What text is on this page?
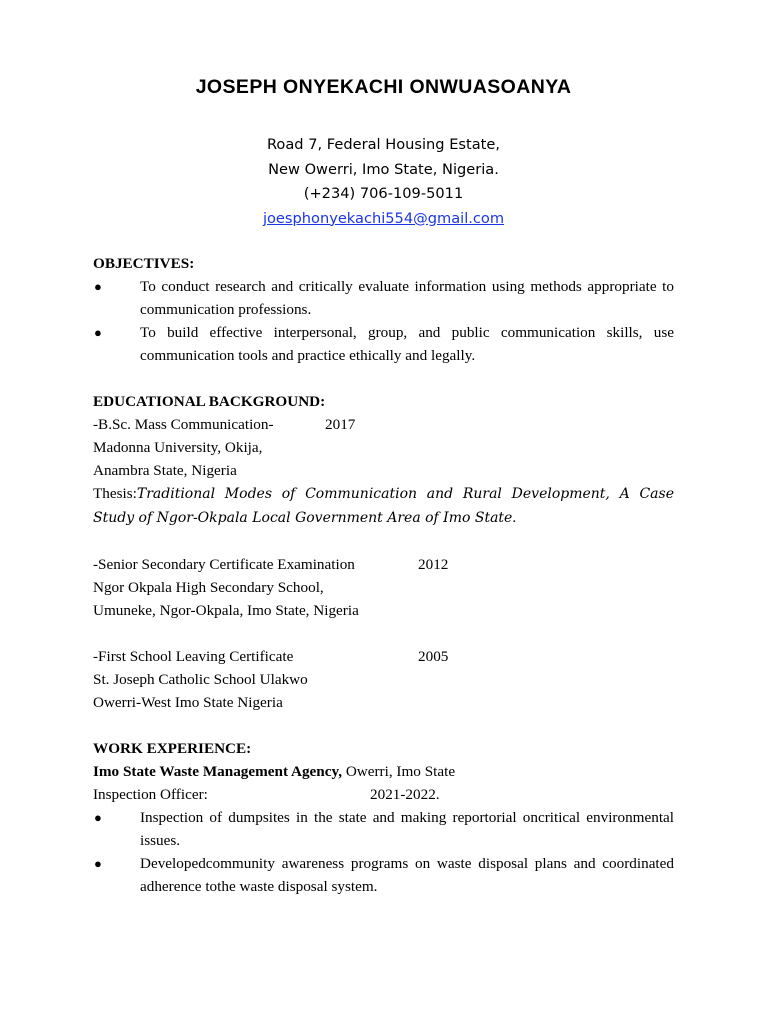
JOSEPH ONYEKACHI ONWUASOANYA
Road 7, Federal Housing Estate,
New Owerri, Imo State, Nigeria.
(+234) 706-109-5011
joesphonyekachi554@gmail.com

OBJECTIVES:

●	To conduct research and critically evaluate information using methods appropriate to communication professions.
●	To build effective interpersonal, group, and public communication skills, use communication tools and practice ethically and legally.

EDUCATIONAL BACKGROUND:

-B.Sc. Mass Communication-	2017

Madonna University, Okija,

Anambra State, Nigeria

Thesis:Traditional Modes of Communication and Rural Development, A Case Study of Ngor-Okpala Local Government Area of Imo State.

-Senior Secondary Certificate Examination	2012

Ngor Okpala High Secondary School,

Umuneke, Ngor-Okpala, Imo State, Nigeria

-First School Leaving Certificate	2005

St. Joseph Catholic School Ulakwo

Owerri-West Imo State Nigeria

WORK EXPERIENCE:

Imo State Waste Management Agency, Owerri, Imo State

Inspection Officer:	2021-2022.
●	Inspection of dumpsites in the state and making reportorial oncritical environmental issues.
●	Developedcommunity awareness programs on waste disposal plans and coordinated adherence tothe waste disposal system.
